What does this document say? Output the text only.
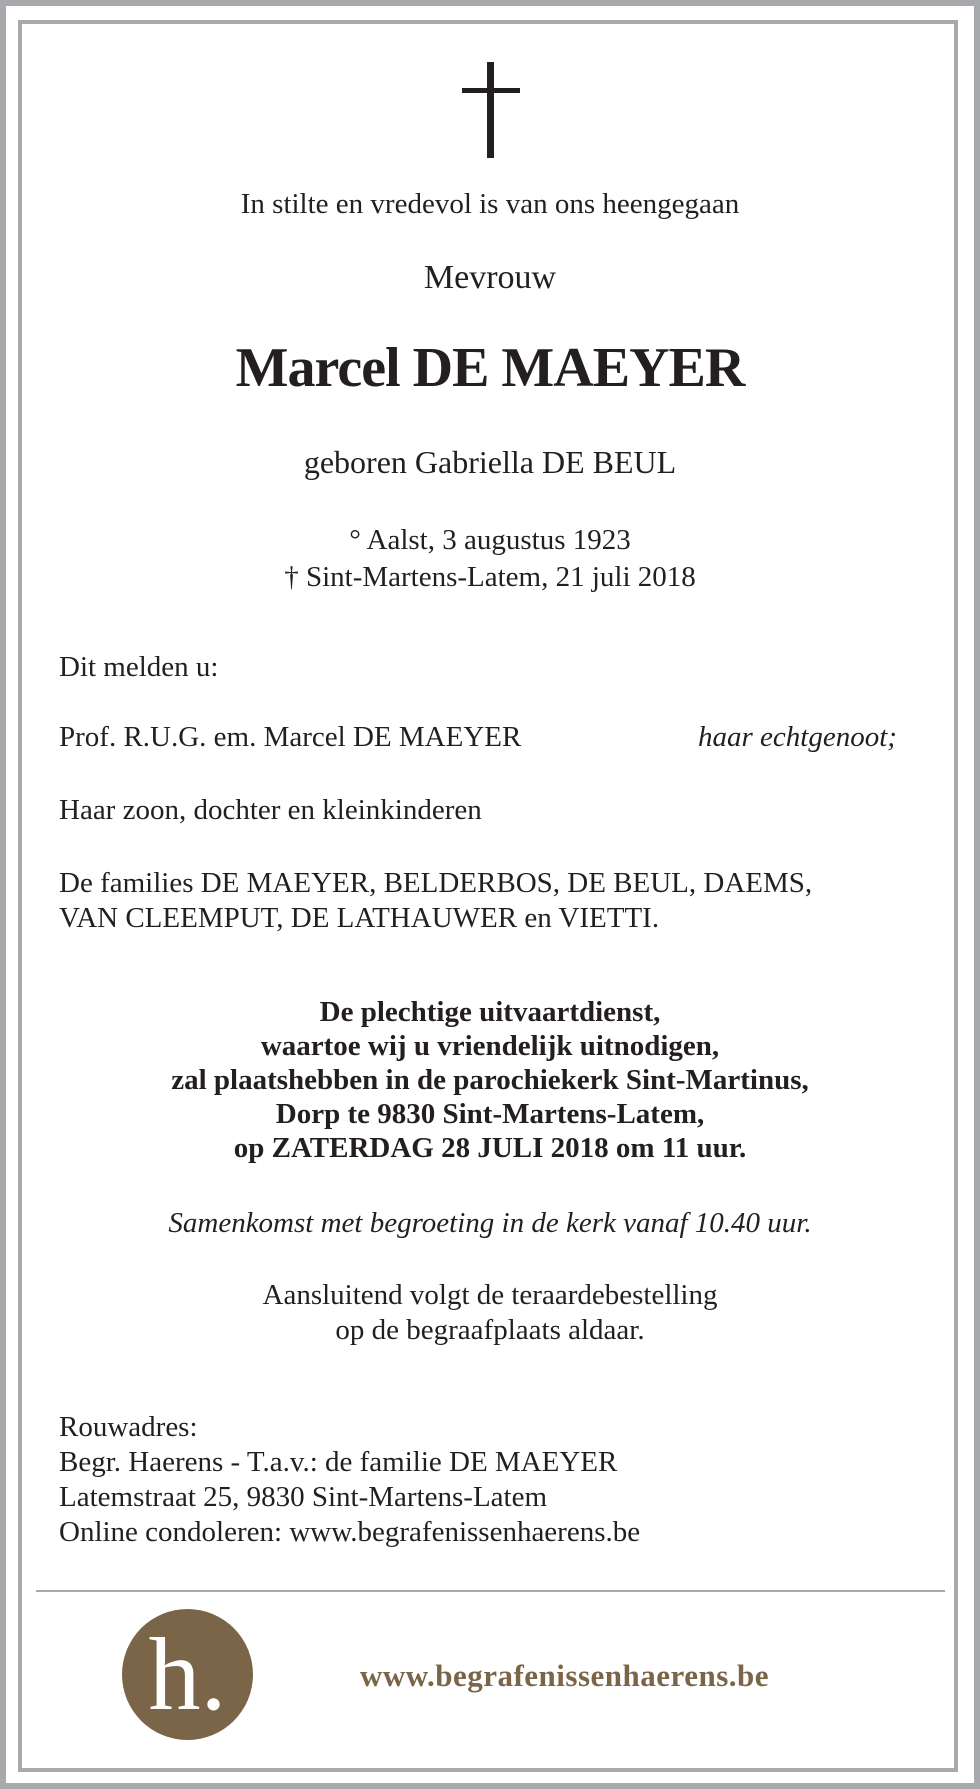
In stilte en vredevol is van ons heengegaan
Mevrouw
Marcel DE MAEYER
geboren Gabriella DE BEUL
° Aalst, 3 augustus 1923
† Sint-Martens-Latem, 21 juli 2018
Dit melden u:
Prof. R.U.G. em. Marcel DE MAEYER	haar echtgenoot;
Haar zoon, dochter en kleinkinderen
De families DE MAEYER, BELDERBOS, DE BEUL, DAEMS,
VAN CLEEMPUT, DE LATHAUWER en VIETTI.
De plechtige uitvaartdienst,
waartoe wij u vriendelijk uitnodigen,
zal plaatshebben in de parochiekerk Sint-Martinus,
Dorp te 9830 Sint-Martens-Latem,
op ZATERDAG 28 JULI 2018 om 11 uur.
Samenkomst met begroeting in de kerk vanaf 10.40 uur.
Aansluitend volgt de teraardebestelling
op de begraafplaats aldaar.
Rouwadres:
Begr. Haerens - T.a.v.: de familie DE MAEYER
Latemstraat 25, 9830 Sint-Martens-Latem
Online condoleren: www.begrafenissenhaerens.be
h.	www.begrafenissenhaerens.be
